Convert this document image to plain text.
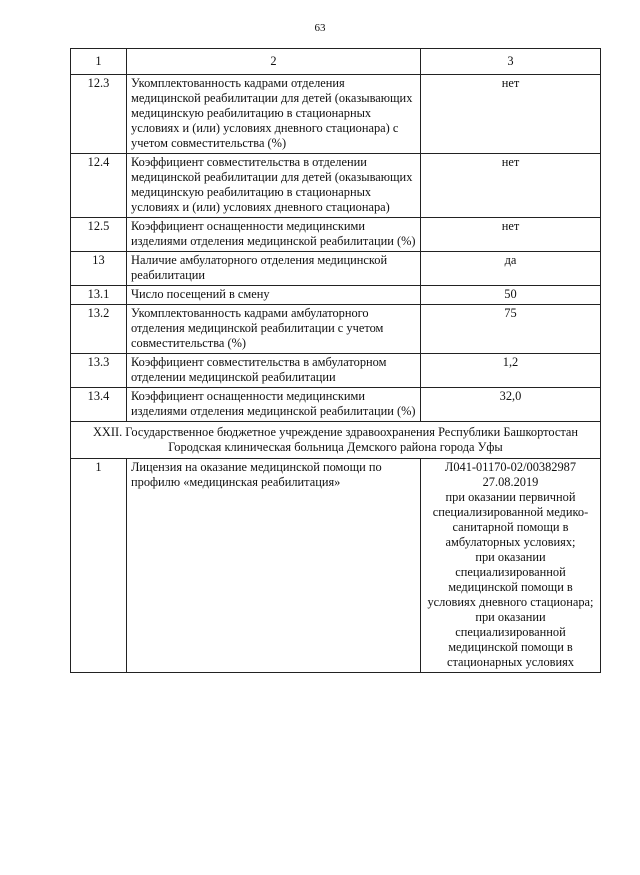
63
1	2	3
12.3	Укомплектованность кадрами отделения медицинской реабилитации для детей (оказывающих медицинскую реабилитацию в стационарных условиях и (или) условиях дневного стационара) с учетом совместительства (%)	нет
12.4	Коэффициент совместительства в отделении медицинской реабилитации для детей (оказывающих медицинскую реабилитацию в стационарных условиях и (или) условиях дневного стационара)	нет
12.5	Коэффициент оснащенности медицинскими изделиями отделения медицинской реабилитации (%)	нет
13	Наличие амбулаторного отделения медицинской реабилитации	да
13.1	Число посещений в смену	50
13.2	Укомплектованность кадрами амбулаторного отделения медицинской реабилитации с учетом совместительства (%)	75
13.3	Коэффициент совместительства в амбулаторном отделении медицинской реабилитации	1,2
13.4	Коэффициент оснащенности медицинскими изделиями отделения медицинской реабилитации (%)	32,0
XXII. Государственное бюджетное учреждение здравоохранения Республики Башкортостан Городская клиническая больница Демского района города Уфы		
1	Лицензия на оказание медицинской помощи по профилю «медицинская реабилитация»	Л041-01170-02/00382987
27.08.2019
при оказании первичной специализированной медико-санитарной помощи в амбулаторных условиях;
при оказании специализированной медицинской помощи в условиях дневного стационара;
при оказании специализированной медицинской помощи в стационарных условиях
